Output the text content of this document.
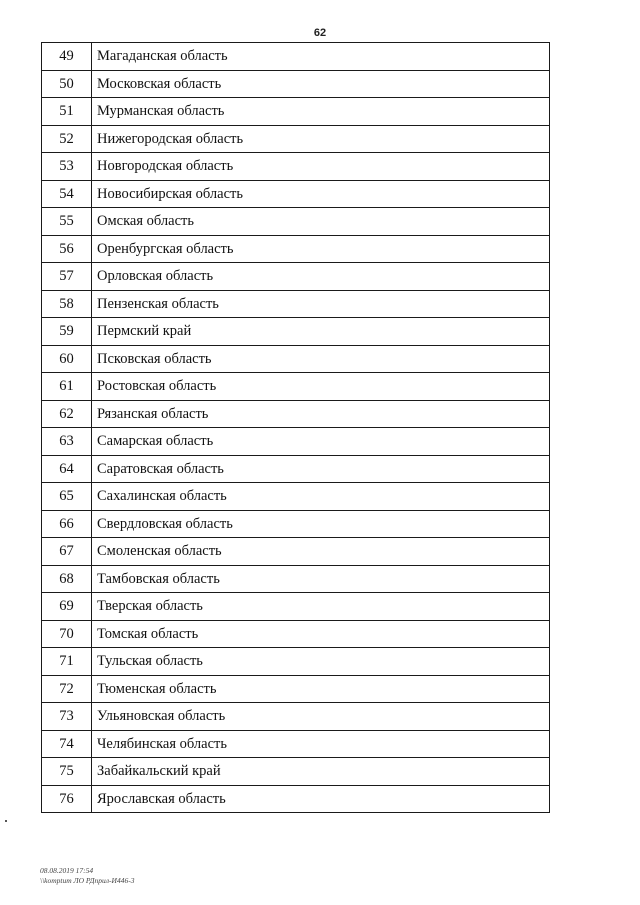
62
49	Магаданская область
50	Московская область
51	Мурманская область
52	Нижегородская область
53	Новгородская область
54	Новосибирская область
55	Омская область
56	Оренбургская область
57	Орловская область
58	Пензенская область
59	Пермский край
60	Псковская область
61	Ростовская область
62	Рязанская область
63	Самарская область
64	Саратовская область
65	Сахалинская область
66	Свердловская область
67	Смоленская область
68	Тамбовская область
69	Тверская область
70	Томская область
71	Тульская область
72	Тюменская область
73	Ульяновская область
74	Челябинская область
75	Забайкальский край
76	Ярославская область
08.08.2019 17:54
\\komptum ЛО РДприл-И446-3
